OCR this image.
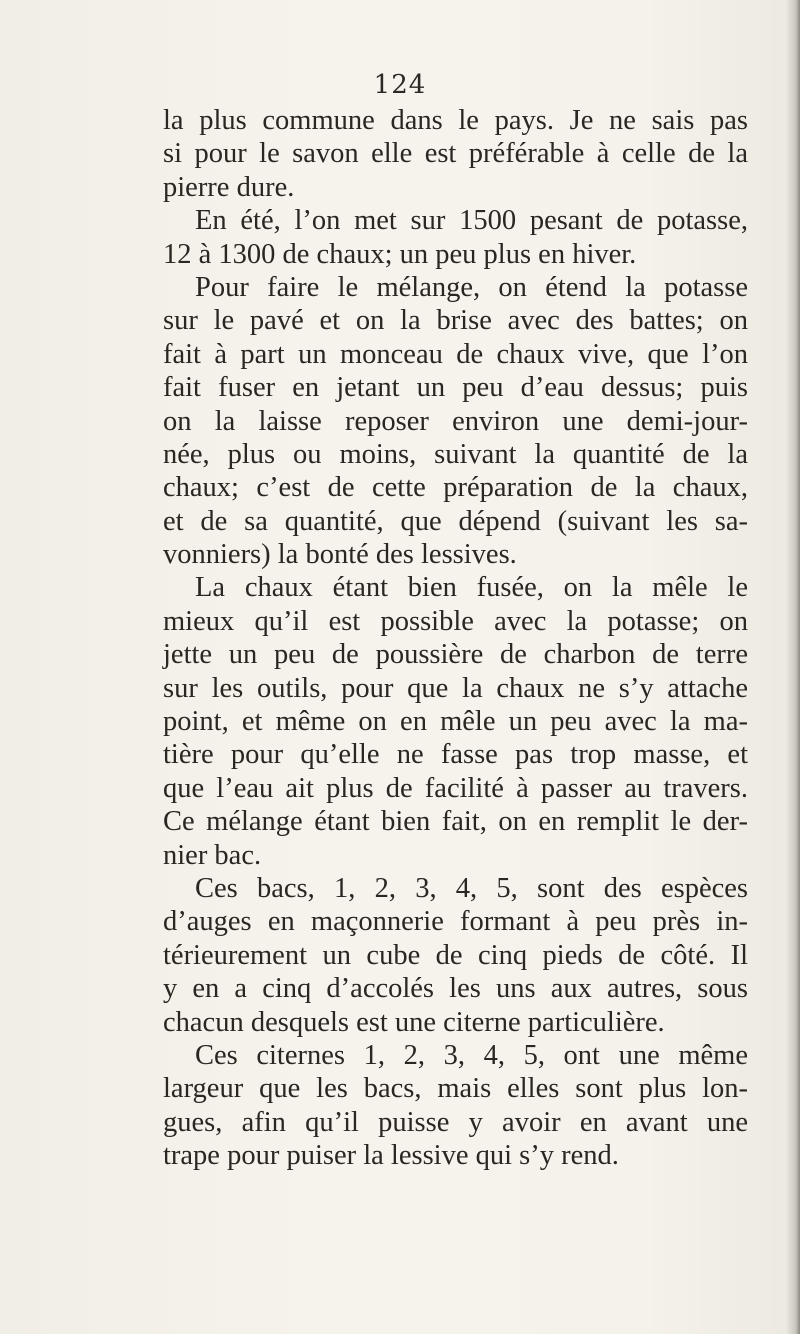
124
la plus commune dans le pays. Je ne sais pas
si pour le savon elle est préférable à celle de la
pierre dure.
En été, l’on met sur 1500 pesant de potasse,
12 à 1300 de chaux; un peu plus en hiver.
Pour faire le mélange, on étend la potasse
sur le pavé et on la brise avec des battes; on
fait à part un monceau de chaux vive, que l’on
fait fuser en jetant un peu d’eau dessus; puis
on la laisse reposer environ une demi-jour-
née, plus ou moins, suivant la quantité de la
chaux; c’est de cette préparation de la chaux,
et de sa quantité, que dépend (suivant les sa-
vonniers) la bonté des lessives.
La chaux étant bien fusée, on la mêle le
mieux qu’il est possible avec la potasse; on
jette un peu de poussière de charbon de terre
sur les outils, pour que la chaux ne s’y attache
point, et même on en mêle un peu avec la ma-
tière pour qu’elle ne fasse pas trop masse, et
que l’eau ait plus de facilité à passer au travers.
Ce mélange étant bien fait, on en remplit le der-
nier bac.
Ces bacs, 1, 2, 3, 4, 5, sont des espèces
d’auges en maçonnerie formant à peu près in-
térieurement un cube de cinq pieds de côté. Il
y en a cinq d’accolés les uns aux autres, sous
chacun desquels est une citerne particulière.
Ces citernes 1, 2, 3, 4, 5, ont une même
largeur que les bacs, mais elles sont plus lon-
gues, afin qu’il puisse y avoir en avant une
trape pour puiser la lessive qui s’y rend.
